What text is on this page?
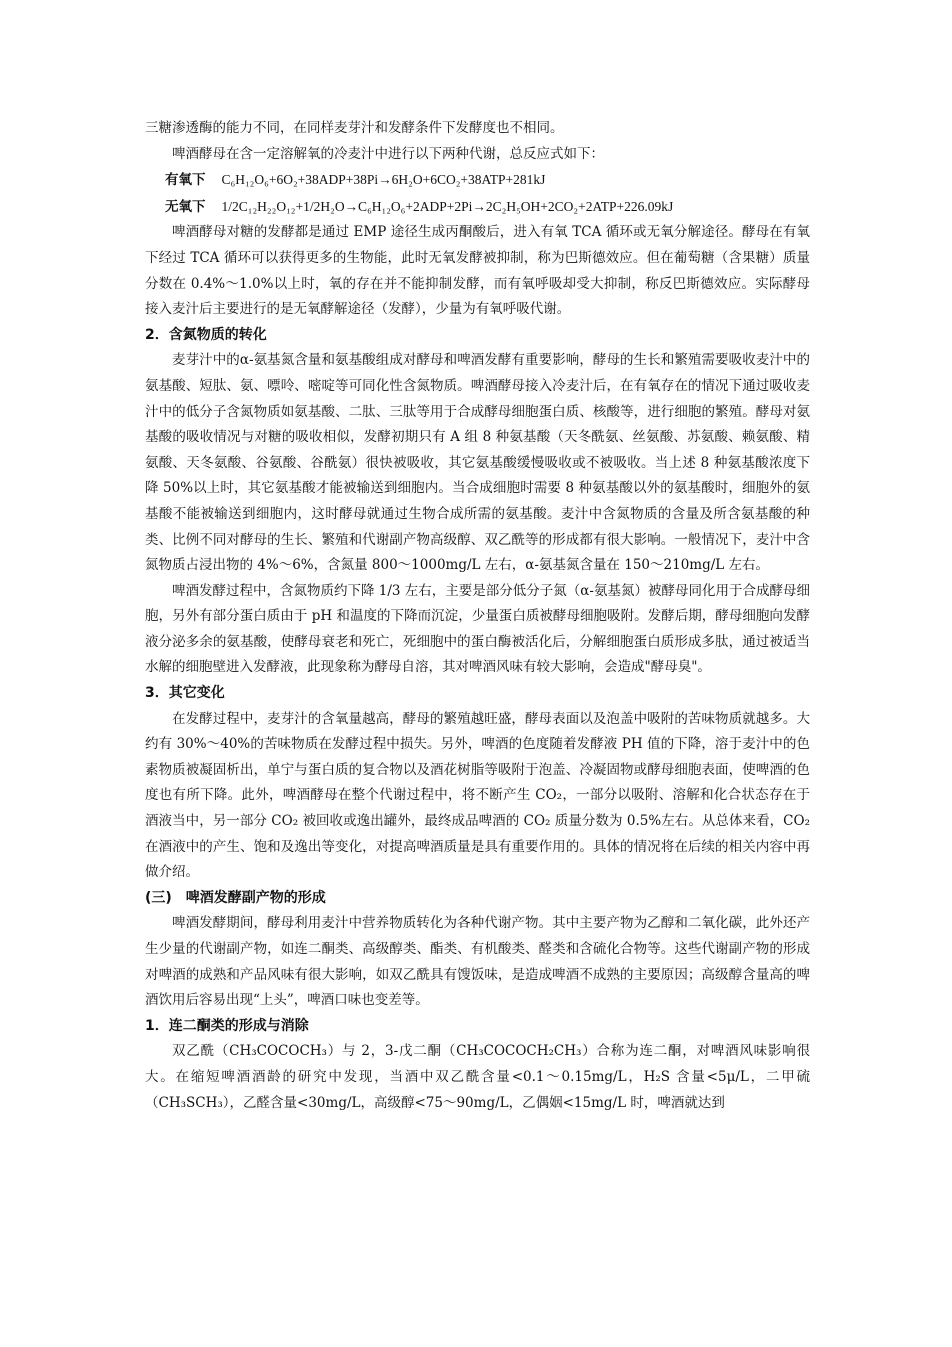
三糖渗透酶的能力不同，在同样麦芽汁和发酵条件下发酵度也不相同。

啤酒酵母在含一定溶解氧的冷麦汁中进行以下两种代谢，总反应式如下：

有氧下 C₆H₁₂O₆+6O₂+38ADP+38Pi→6H₂O+6CO₂+38ATP+281kJ
无氧下 1/2C₁₂H₂₂O₁₂+1/2H₂O→C₆H₁₂O₆+2ADP+2Pi→2C₂H₅OH+2CO₂+2ATP+226.09kJ

啤酒酵母对糖的发酵都是通过 EMP 途径生成丙酮酸后，进入有氧 TCA 循环或无氧分解途径。酵母在有氧下经过 TCA 循环可以获得更多的生物能，此时无氧发酵被抑制，称为巴斯德效应。但在葡萄糖（含果糖）质量分数在 0.4%～1.0%以上时，氧的存在并不能抑制发酵，而有氧呼吸却受大抑制，称反巴斯德效应。实际酵母接入麦汁后主要进行的是无氧酵解途径（发酵），少量为有氧呼吸代谢。

2．含氮物质的转化

麦芽汁中的α-氨基氮含量和氨基酸组成对酵母和啤酒发酵有重要影响，酵母的生长和繁殖需要吸收麦汁中的氨基酸、短肽、氨、嘌呤、嘧啶等可同化性含氮物质。啤酒酵母接入冷麦汁后，在有氧存在的情况下通过吸收麦汁中的低分子含氮物质如氨基酸、二肽、三肽等用于合成酵母细胞蛋白质、核酸等，进行细胞的繁殖。酵母对氨基酸的吸收情况与对糖的吸收相似，发酵初期只有 A 组 8 种氨基酸（天冬酰氨、丝氨酸、苏氨酸、赖氨酸、精氨酸、天冬氨酸、谷氨酸、谷酰氨）很快被吸收，其它氨基酸缓慢吸收或不被吸收。当上述 8 种氨基酸浓度下降 50%以上时，其它氨基酸才能被输送到细胞内。当合成细胞时需要 8 种氨基酸以外的氨基酸时，细胞外的氨基酸不能被输送到细胞内，这时酵母就通过生物合成所需的氨基酸。麦汁中含氮物质的含量及所含氨基酸的种类、比例不同对酵母的生长、繁殖和代谢副产物高级醇、双乙酰等的形成都有很大影响。一般情况下，麦汁中含氮物质占浸出物的 4%～6%，含氮量 800～1000mg/L 左右，α-氨基氮含量在 150～210mg/L 左右。

啤酒发酵过程中，含氮物质约下降 1/3 左右，主要是部分低分子氮（α-氨基氮）被酵母同化用于合成酵母细胞，另外有部分蛋白质由于 pH 和温度的下降而沉淀，少量蛋白质被酵母细胞吸附。发酵后期，酵母细胞向发酵液分泌多余的氨基酸，使酵母衰老和死亡，死细胞中的蛋白酶被活化后，分解细胞蛋白质形成多肽，通过被适当水解的细胞壁进入发酵液，此现象称为酵母自溶，其对啤酒风味有较大影响，会造成"酵母臭"。

3．其它变化

在发酵过程中，麦芽汁的含氧量越高，酵母的繁殖越旺盛，酵母表面以及泡盖中吸附的苦味物质就越多。大约有 30%～40%的苦味物质在发酵过程中损失。另外，啤酒的色度随着发酵液 PH 值的下降，溶于麦汁中的色素物质被凝固析出，单宁与蛋白质的复合物以及酒花树脂等吸附于泡盖、冷凝固物或酵母细胞表面，使啤酒的色度也有所下降。此外，啤酒酵母在整个代谢过程中，将不断产生 CO₂，一部分以吸附、溶解和化合状态存在于酒液当中，另一部分 CO₂ 被回收或逸出罐外，最终成品啤酒的 CO₂ 质量分数为 0.5%左右。从总体来看，CO₂ 在酒液中的产生、饱和及逸出等变化，对提高啤酒质量是具有重要作用的。具体的情况将在后续的相关内容中再做介绍。

(三)　啤酒发酵副产物的形成

啤酒发酵期间，酵母利用麦汁中营养物质转化为各种代谢产物。其中主要产物为乙醇和二氧化碳，此外还产生少量的代谢副产物，如连二酮类、高级醇类、酯类、有机酸类、醛类和含硫化合物等。这些代谢副产物的形成对啤酒的成熟和产品风味有很大影响，如双乙酰具有馊饭味，是造成啤酒不成熟的主要原因；高级醇含量高的啤酒饮用后容易出现“上头”，啤酒口味也变差等。

1．连二酮类的形成与消除

双乙酰（CH₃COCOCH₃）与 2，3-戊二酮（CH₃COCOCH₂CH₃）合称为连二酮，对啤酒风味影响很大。在缩短啤酒酒龄的研究中发现，当酒中双乙酰含量<0.1～0.15mg/L，H₂S 含量<5μ/L，二甲硫（CH₃SCH₃），乙醛含量<30mg/L，高级醇<75～90mg/L，乙偶姻<15mg/L 时，啤酒就达到
